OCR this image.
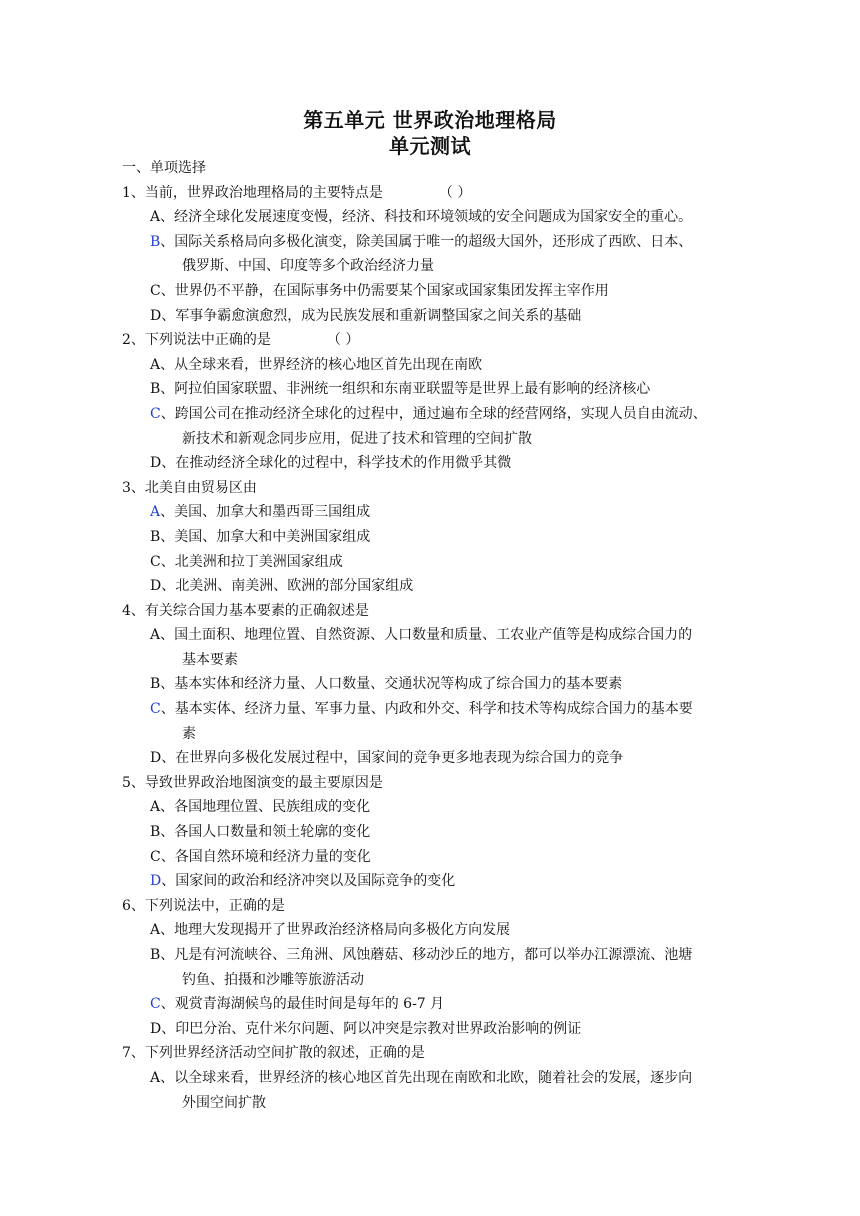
第五单元 世界政治地理格局
单元测试
一、单项选择
1、当前，世界政治地理格局的主要特点是	（ ）
A、经济全球化发展速度变慢，经济、科技和环境领域的安全问题成为国家安全的重心。
B、国际关系格局向多极化演变，除美国属于唯一的超级大国外，还形成了西欧、日本、
俄罗斯、中国、印度等多个政治经济力量
C、世界仍不平静，在国际事务中仍需要某个国家或国家集团发挥主宰作用
D、军事争霸愈演愈烈，成为民族发展和重新调整国家之间关系的基础
2、下列说法中正确的是	（ ）
A、从全球来看，世界经济的核心地区首先出现在南欧
B、阿拉伯国家联盟、非洲统一组织和东南亚联盟等是世界上最有影响的经济核心
C、跨国公司在推动经济全球化的过程中，通过遍布全球的经营网络，实现人员自由流动、
新技术和新观念同步应用，促进了技术和管理的空间扩散
D、在推动经济全球化的过程中，科学技术的作用微乎其微
3、北美自由贸易区由
A、美国、加拿大和墨西哥三国组成
B、美国、加拿大和中美洲国家组成
C、北美洲和拉丁美洲国家组成
D、北美洲、南美洲、欧洲的部分国家组成
4、有关综合国力基本要素的正确叙述是
A、国土面积、地理位置、自然资源、人口数量和质量、工农业产值等是构成综合国力的
基本要素
B、基本实体和经济力量、人口数量、交通状况等构成了综合国力的基本要素
C、基本实体、经济力量、军事力量、内政和外交、科学和技术等构成综合国力的基本要
素
D、在世界向多极化发展过程中，国家间的竞争更多地表现为综合国力的竞争
5、导致世界政治地图演变的最主要原因是
A、各国地理位置、民族组成的变化
B、各国人口数量和领土轮廓的变化
C、各国自然环境和经济力量的变化
D、国家间的政治和经济冲突以及国际竞争的变化
6、下列说法中，正确的是
A、地理大发现揭开了世界政治经济格局向多极化方向发展
B、凡是有河流峡谷、三角洲、风蚀蘑菇、移动沙丘的地方，都可以举办江源漂流、池塘
钓鱼、拍摄和沙雕等旅游活动
C、观赏青海湖候鸟的最佳时间是每年的 6-7 月
D、印巴分治、克什米尔问题、阿以冲突是宗教对世界政治影响的例证
7、下列世界经济活动空间扩散的叙述，正确的是
A、以全球来看，世界经济的核心地区首先出现在南欧和北欧，随着社会的发展，逐步向
外围空间扩散
